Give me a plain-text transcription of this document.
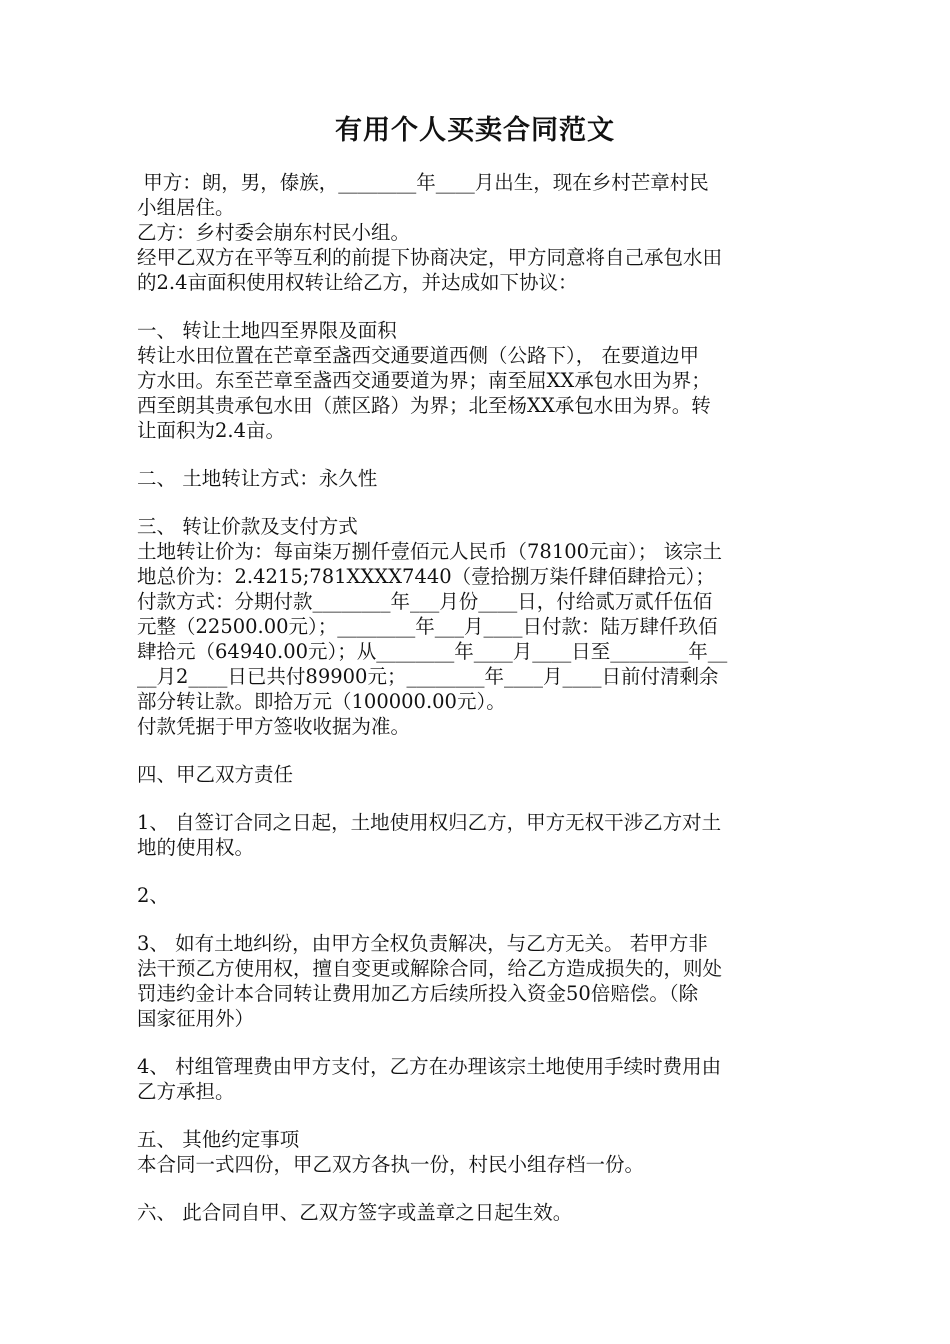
有用个人买卖合同范文

甲方：朗，男，傣族，________年____月出生，现在乡村芒章村民

小组居住。

乙方：乡村委会崩东村民小组。

经甲乙双方在平等互利的前提下协商决定，甲方同意将自己承包水田

的2.4亩面积使用权转让给乙方，并达成如下协议：

一、 转让土地四至界限及面积

转让水田位置在芒章至盏西交通要道西侧（公路下）， 在要道边甲

方水田。东至芒章至盏西交通要道为界；南至屈XX承包水田为界；

西至朗其贵承包水田（蔗区路）为界；北至杨XX承包水田为界。转

让面积为2.4亩。

二、 土地转让方式：永久性

三、 转让价款及支付方式

土地转让价为：每亩柒万捌仟壹佰元人民币（78100元亩）； 该宗土

地总价为：2.4215;781XXXX7440（壹拾捌万柒仟肆佰肆拾元）；

付款方式：分期付款________年___月份____日，付给贰万贰仟伍佰

元整（22500.00元）；________年___月____日付款：陆万肆仟玖佰

肆拾元（64940.00元）；从________年____月____日至________年__

__月2____日已共付89900元；________年____月____日前付清剩余

部分转让款。即拾万元（100000.00元）。

付款凭据于甲方签收收据为准。

四、甲乙双方责任

1、 自签订合同之日起，土地使用权归乙方，甲方无权干涉乙方对土

地的使用权。

2、

3、 如有土地纠纷，由甲方全权负责解决，与乙方无关。 若甲方非

法干预乙方使用权，擅自变更或解除合同，给乙方造成损失的，则处

罚违约金计本合同转让费用加乙方后续所投入资金50倍赔偿。（除

国家征用外）

4、 村组管理费由甲方支付，乙方在办理该宗土地使用手续时费用由

乙方承担。

五、 其他约定事项

本合同一式四份，甲乙双方各执一份，村民小组存档一份。

六、 此合同自甲、乙双方签字或盖章之日起生效。
